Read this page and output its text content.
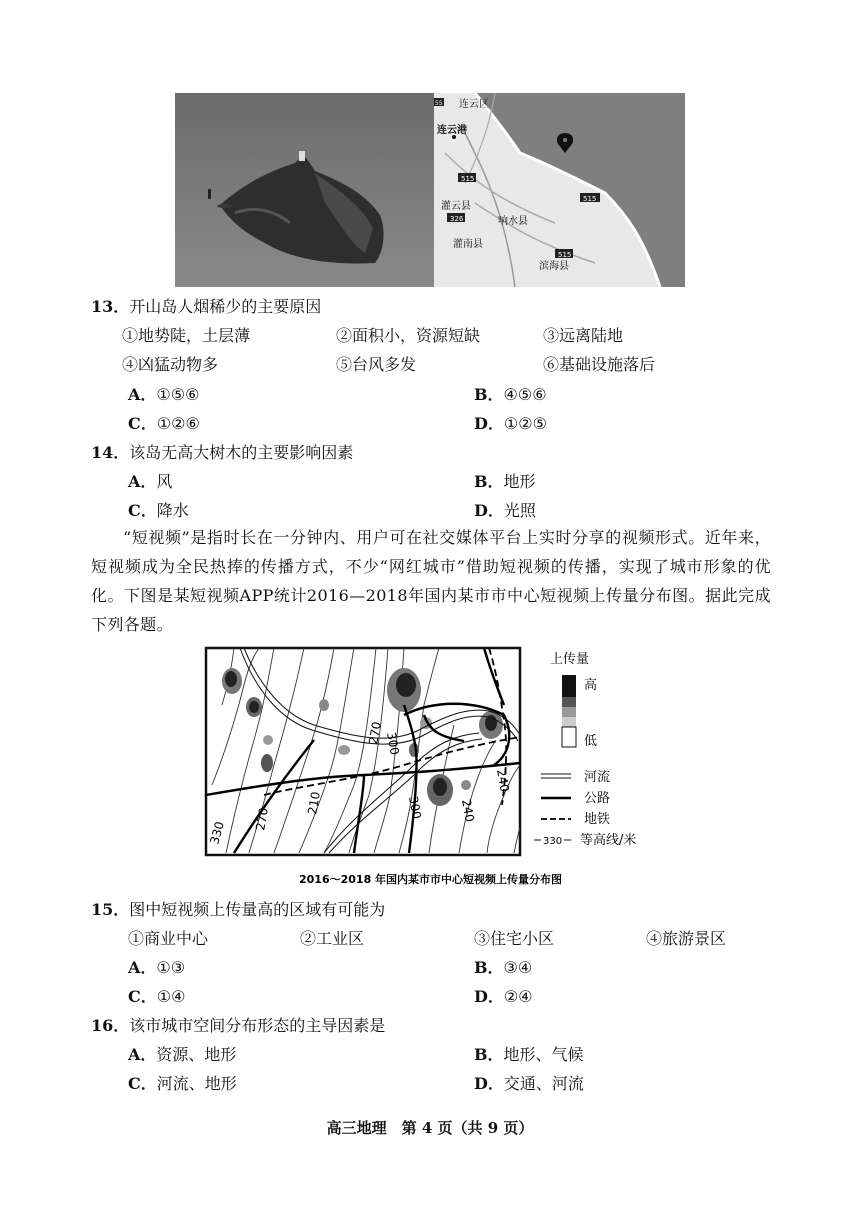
55
515
326
515
515
连云区
连云港
灌云县
响水县
灌南县
滨海县
13．开山岛人烟稀少的主要原因
①地势陡，土层薄	②面积小，资源短缺	③远离陆地
④凶猛动物多	⑤台风多发	⑥基础设施落后
A．①⑤⑥	B．④⑤⑥
C．①②⑥	D．①②⑤
14．该岛无高大树木的主要影响因素
A．风	B．地形
C．降水	D．光照

“短视频”是指时长在一分钟内、用户可在社交媒体平台上实时分享的视频形式。近年来，短视频成为全民热捧的传播方式，不少“网红城市”借助短视频的传播，实现了城市形象的优化。下图是某短视频APP统计2016—2018年国内某市市中心短视频上传量分布图。据此完成下列各题。

270 300
270
210	300	240
240
330
上传量
高
低
河流
公路
地铁
330 等高线/米
2016～2018 年国内某市市中心短视频上传量分布图
15．图中短视频上传量高的区域有可能为
①商业中心	②工业区	③住宅小区	④旅游景区
A．①③	B．③④
C．①④	D．②④
16．该市城市空间分布形态的主导因素是
A．资源、地形	B．地形、气候
C．河流、地形	D．交通、河流
高三地理　第 4 页（共 9 页）
